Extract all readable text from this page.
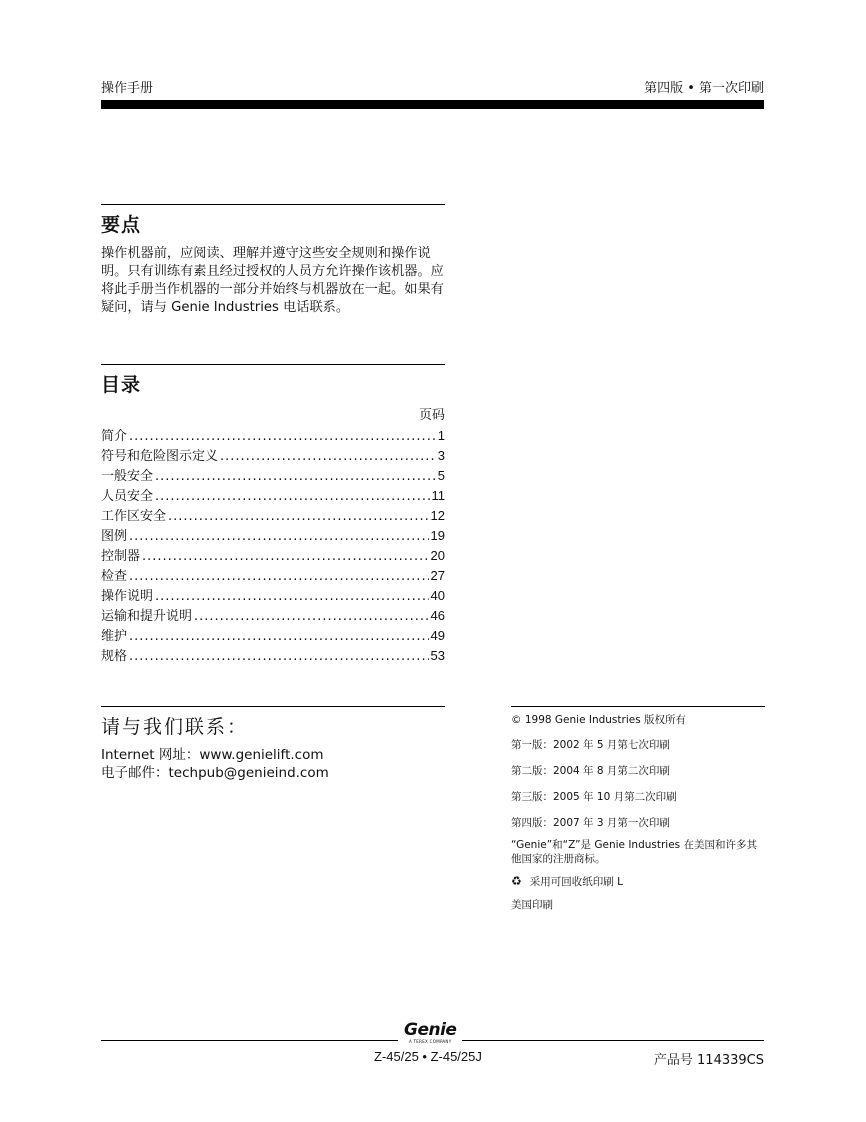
操作手册	第四版 • 第一次印刷
要点
操作机器前，应阅读、理解并遵守这些安全规则和操作说明。只有训练有素且经过授权的人员方允许操作该机器。应将此手册当作机器的一部分并始终与机器放在一起。如果有疑问，请与 Genie Industries 电话联系。
目录
页码
简介 .....	1
符号和危险图示定义 .....	3
一般安全 .....	5
人员安全 .....	11
工作区安全 .....	12
图例 .....	19
控制器 .....	20
检查 .....	27
操作说明 .....	40
运输和提升说明 .....	46
维护 .....	49
规格 .....	53
请与我们联系：
Internet 网址：www.genielift.com
电子邮件：techpub@genieind.com
© 1998 Genie Industries 版权所有
第一版：2002 年 5 月第七次印刷
第二版：2004 年 8 月第二次印刷
第三版：2005 年 10 月第二次印刷
第四版：2007 年 3 月第一次印刷
“Genie”和“Z”是 Genie Industries 在美国和许多其他国家的注册商标。
♻ 采用可回收纸印刷 L
美国印刷
Genie
A TEREX COMPANY
Z-45/25 • Z-45/25J	产品号 114339CS
